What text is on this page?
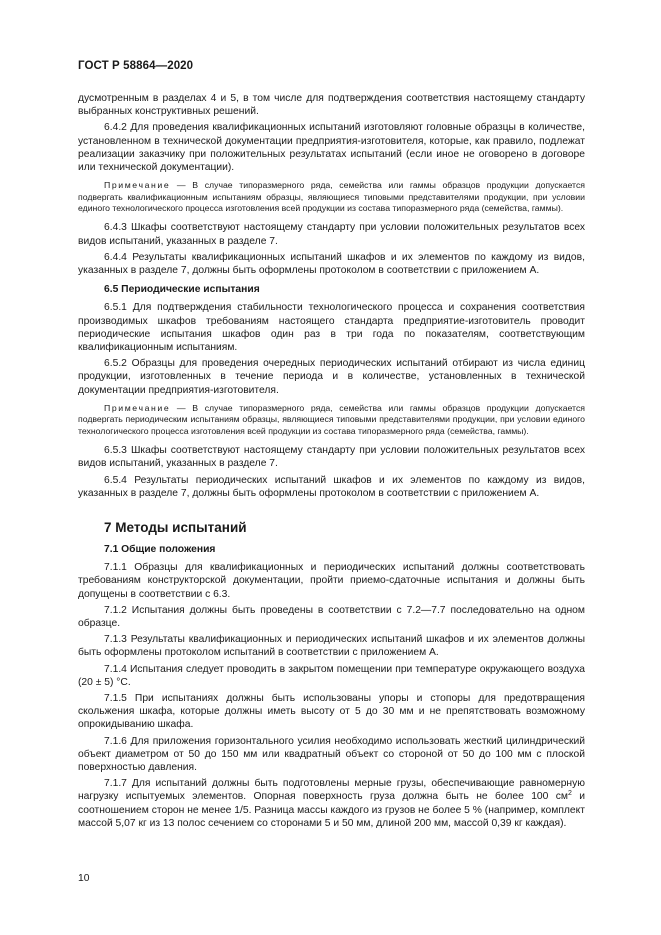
ГОСТ Р 58864—2020

дусмотренным в разделах 4 и 5, в том числе для подтверждения соответствия настоящему стандарту выбранных конструктивных решений.

6.4.2 Для проведения квалификационных испытаний изготовляют головные образцы в количестве, установленном в технической документации предприятия-изготовителя, которые, как правило, подлежат реализации заказчику при положительных результатах испытаний (если иное не оговорено в договоре или технической документации).

Примечание — В случае типоразмерного ряда, семейства или гаммы образцов продукции допускается подвергать квалификационным испытаниям образцы, являющиеся типовыми представителями продукции, при условии единого технологического процесса изготовления всей продукции из состава типоразмерного ряда (семейства, гаммы).

6.4.3 Шкафы соответствуют настоящему стандарту при условии положительных результатов всех видов испытаний, указанных в разделе 7.

6.4.4 Результаты квалификационных испытаний шкафов и их элементов по каждому из видов, указанных в разделе 7, должны быть оформлены протоколом в соответствии с приложением А.

6.5 Периодические испытания

6.5.1 Для подтверждения стабильности технологического процесса и сохранения соответствия производимых шкафов требованиям настоящего стандарта предприятие-изготовитель проводит периодические испытания шкафов один раз в три года по показателям, соответствующим квалификационным испытаниям.

6.5.2 Образцы для проведения очередных периодических испытаний отбирают из числа единиц продукции, изготовленных в течение периода и в количестве, установленных в технической документации предприятия-изготовителя.

Примечание — В случае типоразмерного ряда, семейства или гаммы образцов продукции допускается подвергать периодическим испытаниям образцы, являющиеся типовыми представителями продукции, при условии единого технологического процесса изготовления всей продукции из состава типоразмерного ряда (семейства, гаммы).

6.5.3 Шкафы соответствуют настоящему стандарту при условии положительных результатов всех видов испытаний, указанных в разделе 7.

6.5.4 Результаты периодических испытаний шкафов и их элементов по каждому из видов, указанных в разделе 7, должны быть оформлены протоколом в соответствии с приложением А.

7 Методы испытаний

7.1 Общие положения

7.1.1 Образцы для квалификационных и периодических испытаний должны соответствовать требованиям конструкторской документации, пройти приемо-сдаточные испытания и должны быть допущены в соответствии с 6.3.

7.1.2 Испытания должны быть проведены в соответствии с 7.2—7.7 последовательно на одном образце.

7.1.3 Результаты квалификационных и периодических испытаний шкафов и их элементов должны быть оформлены протоколом испытаний в соответствии с приложением А.

7.1.4 Испытания следует проводить в закрытом помещении при температуре окружающего воздуха (20 ± 5) °С.

7.1.5 При испытаниях должны быть использованы упоры и стопоры для предотвращения скольжения шкафа, которые должны иметь высоту от 5 до 30 мм и не препятствовать возможному опрокидыванию шкафа.

7.1.6 Для приложения горизонтального усилия необходимо использовать жесткий цилиндрический объект диаметром от 50 до 150 мм или квадратный объект со стороной от 50 до 100 мм с плоской поверхностью давления.

7.1.7 Для испытаний должны быть подготовлены мерные грузы, обеспечивающие равномерную нагрузку испытуемых элементов. Опорная поверхность груза должна быть не более 100 $см^2$ и соотношением сторон не менее 1/5. Разница массы каждого из грузов не более 5 % (например, комплект массой 5,07 кг из 13 полос сечением со сторонами 5 и 50 мм, длиной 200 мм, массой 0,39 кг каждая).

10
